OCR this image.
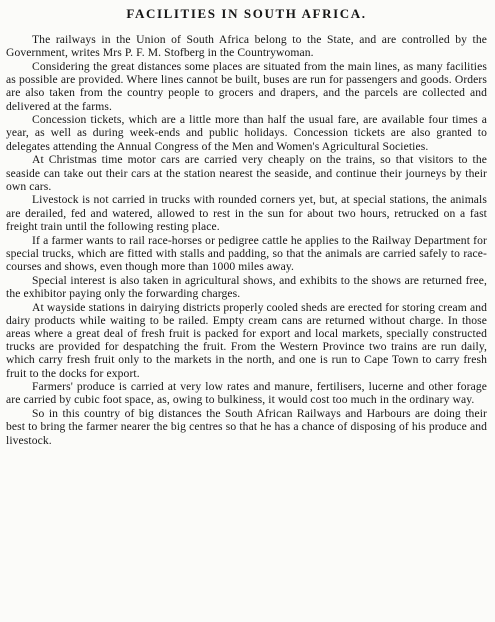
FACILITIES IN SOUTH AFRICA.

The railways in the Union of South Africa belong to the State, and are controlled by the Government, writes Mrs P. F. M. Stofberg in the Countrywoman.

Considering the great distances some places are situated from the main lines, as many facilities as possible are provided. Where lines cannot be built, buses are run for passengers and goods. Orders are also taken from the country people to grocers and drapers, and the parcels are collected and delivered at the farms.

Concession tickets, which are a little more than half the usual fare, are available four times a year, as well as during week-ends and public holidays. Concession tickets are also granted to delegates attending the Annual Congress of the Men and Women's Agricultural Societies.

At Christmas time motor cars are carried very cheaply on the trains, so that visitors to the seaside can take out their cars at the station nearest the seaside, and continue their journeys by their own cars.

Livestock is not carried in trucks with rounded corners yet, but, at special stations, the animals are derailed, fed and watered, allowed to rest in the sun for about two hours, retrucked on a fast freight train until the following resting place.

If a farmer wants to rail race-horses or pedigree cattle he applies to the Railway Department for special trucks, which are fitted with stalls and padding, so that the animals are carried safely to race-courses and shows, even though more than 1000 miles away.

Special interest is also taken in agricultural shows, and exhibits to the shows are returned free, the exhibitor paying only the forwarding charges.

At wayside stations in dairying districts properly cooled sheds are erected for storing cream and dairy products while waiting to be railed. Empty cream cans are returned without charge. In those areas where a great deal of fresh fruit is packed for export and local markets, specially constructed trucks are provided for despatching the fruit. From the Western Province two trains are run daily, which carry fresh fruit only to the markets in the north, and one is run to Cape Town to carry fresh fruit to the docks for export.

Farmers' produce is carried at very low rates and manure, fertilisers, lucerne and other forage are carried by cubic foot space, as, owing to bulkiness, it would cost too much in the ordinary way.

So in this country of big distances the South African Railways and Harbours are doing their best to bring the farmer nearer the big centres so that he has a chance of disposing of his produce and livestock.
